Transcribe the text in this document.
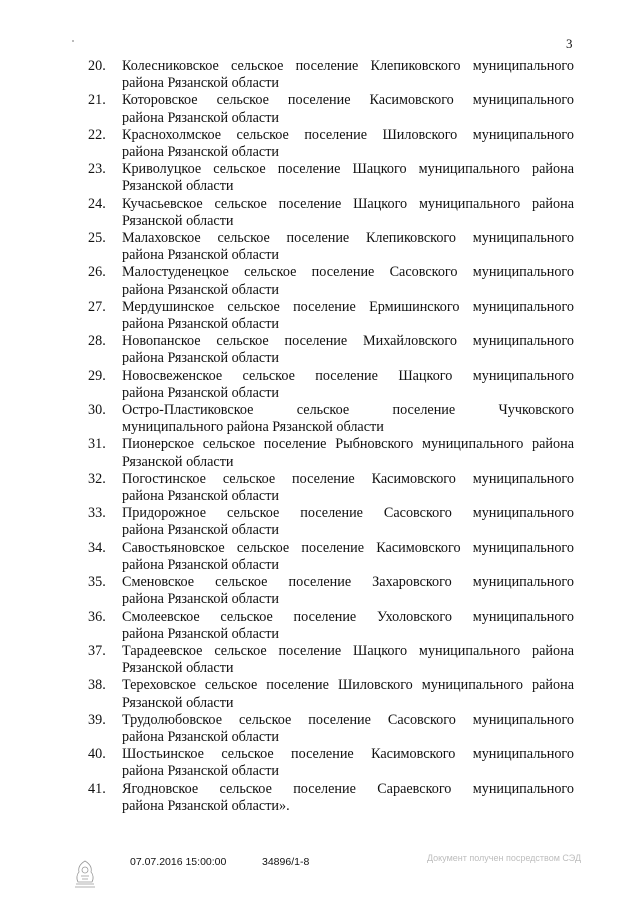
3
20.	Колесниковское сельское поселение Клепиковского муниципального
района Рязанской области
21.	Которовское сельское поселение Касимовского муниципального
района Рязанской области
22.	Краснохолмское сельское поселение Шиловского муниципального
района Рязанской области
23.	Криволуцкое сельское поселение Шацкого муниципального района
Рязанской области
24.	Кучасьевское сельское поселение Шацкого муниципального района
Рязанской области
25.	Малаховское сельское поселение Клепиковского муниципального
района Рязанской области
26.	Малостуденецкое сельское поселение Сасовского муниципального
района Рязанской области
27.	Мердушинское сельское поселение Ермишинского муниципального
района Рязанской области
28.	Новопанское сельское поселение Михайловского муниципального
района Рязанской области
29.	Новосвеженское сельское поселение Шацкого муниципального
района Рязанской области
30.	Остро-Пластиковское сельское поселение Чучковского
муниципального района Рязанской области
31.	Пионерское сельское поселение Рыбновского муниципального района
Рязанской области
32.	Погостинское сельское поселение Касимовского муниципального
района Рязанской области
33.	Придорожное сельское поселение Сасовского муниципального
района Рязанской области
34.	Савостьяновское сельское поселение Касимовского муниципального
района Рязанской области
35.	Сменовское сельское поселение Захаровского муниципального
района Рязанской области
36.	Смолеевское сельское поселение Ухоловского муниципального
района Рязанской области
37.	Тарадеевское сельское поселение Шацкого муниципального района
Рязанской области
38.	Тереховское сельское поселение Шиловского муниципального района
Рязанской области
39.	Трудолюбовское сельское поселение Сасовского муниципального
района Рязанской области
40.	Шостьинское сельское поселение Касимовского муниципального
района Рязанской области
41.	Ягодновское сельское поселение Сараевского муниципального
района Рязанской области».
07.07.2016 15:00:00	34896/1-8	Документ получен посредством СЭД
